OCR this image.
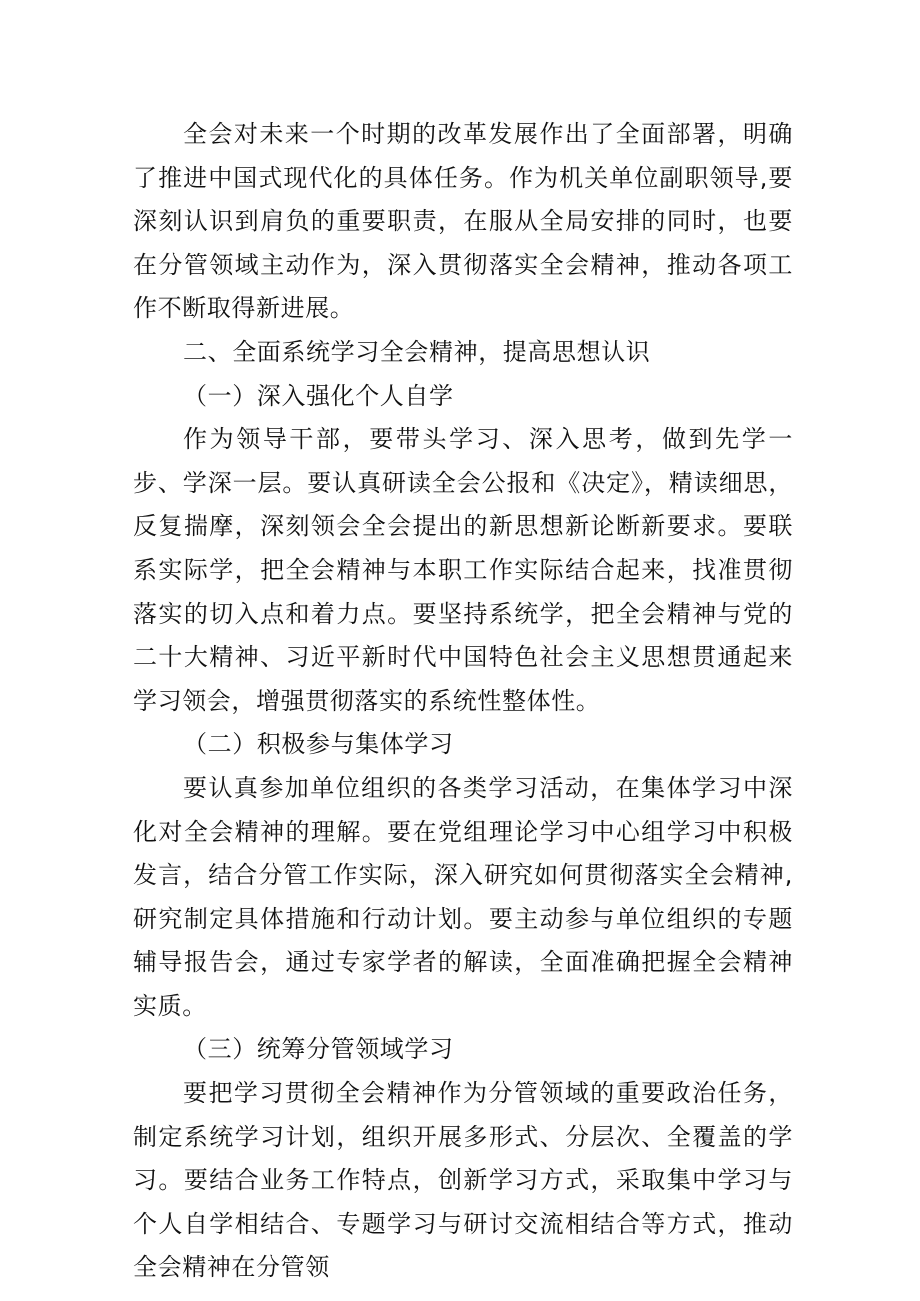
全会对未来一个时期的改革发展作出了全面部署，明确了推进中国式现代化的具体任务。作为机关单位副职领导,要深刻认识到肩负的重要职责，在服从全局安排的同时，也要在分管领域主动作为，深入贯彻落实全会精神，推动各项工作不断取得新进展。

二、全面系统学习全会精神，提高思想认识

（一）深入强化个人自学

作为领导干部，要带头学习、深入思考，做到先学一步、学深一层。要认真研读全会公报和《决定》，精读细思，反复揣摩，深刻领会全会提出的新思想新论断新要求。要联系实际学，把全会精神与本职工作实际结合起来，找准贯彻落实的切入点和着力点。要坚持系统学，把全会精神与党的二十大精神、习近平新时代中国特色社会主义思想贯通起来学习领会，增强贯彻落实的系统性整体性。

（二）积极参与集体学习

要认真参加单位组织的各类学习活动，在集体学习中深化对全会精神的理解。要在党组理论学习中心组学习中积极发言，结合分管工作实际，深入研究如何贯彻落实全会精神,研究制定具体措施和行动计划。要主动参与单位组织的专题辅导报告会，通过专家学者的解读，全面准确把握全会精神实质。

（三）统筹分管领域学习

要把学习贯彻全会精神作为分管领域的重要政治任务，制定系统学习计划，组织开展多形式、分层次、全覆盖的学习。要结合业务工作特点，创新学习方式，采取集中学习与个人自学相结合、专题学习与研讨交流相结合等方式，推动全会精神在分管领
